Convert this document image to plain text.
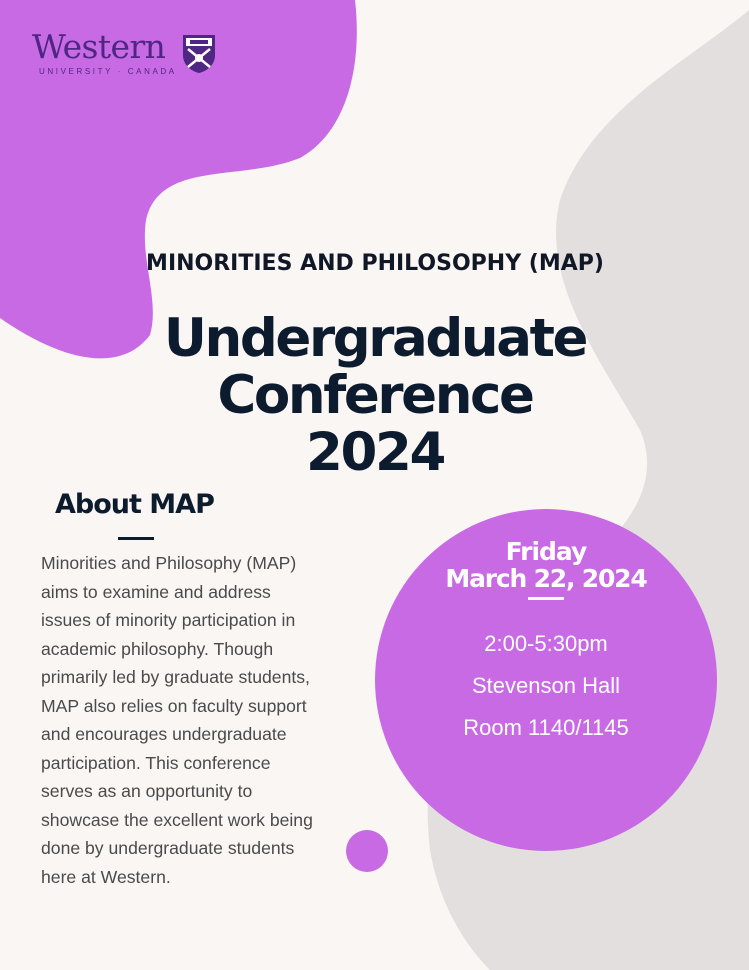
Western
UNIVERSITY · CANADA
MINORITIES AND PHILOSOPHY (MAP)
Undergraduate
Conference
2024
About MAP
Minorities and Philosophy (MAP) aims to examine and address issues of minority participation in academic philosophy. Though primarily led by graduate students, MAP also relies on faculty support and encourages undergraduate participation. This conference serves as an opportunity to showcase the excellent work being done by undergraduate students here at Western.
Friday
March 22, 2024
2:00-5:30pm
Stevenson Hall
Room 1140/1145
